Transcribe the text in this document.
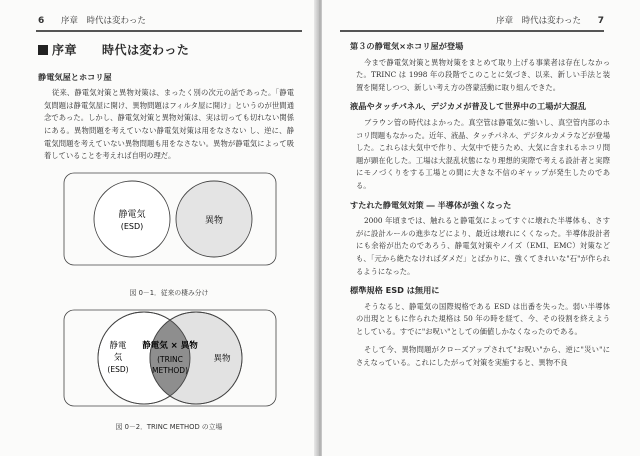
6 序章　時代は変わった
序章　　時代は変わった
静電気屋とホコリ屋

従来、静電気対策と異物対策は、まったく別の次元の話であった。「静電気問題は静電気屋に開け、異物問題はフィルタ屋に開け」というのが世間通念であった。しかし、静電気対策と異物対策は、実は切っても切れない関係にある。異物問題を考えていない静電気対策は用をなさない し、逆に、静電気問題を考えていない異物問題も用をなさない。異物が静電気によって吸着していることを考えれば自明の理だ。

静電気
(ESD)
異物
図 0－1．従来の棲み分け
静電
気
(ESD)
静電気 × 異物
(TRINC
METHOD)
異物
図 0－2．TRINC METHOD の立場
序章　時代は変わった 7
第３の静電気×ホコリ屋が登場

今まで静電気対策と異物対策をまとめて取り上げる事業者は存在しなかった。TRINC は 1998 年の段階でこのことに気づき、以来、新しい手法と装置を開発しつつ、新しい考え方の啓蒙活動に取り組んできた。

液晶やタッチパネル、デジカメが普及して世界中の工場が大混乱

ブラウン管の時代はよかった。真空管は静電気に強いし、真空管内部のホコリ問題もなかった。近年、液晶、タッチパネル、デジタルカメラなどが登場した。これらは大気中で作り、大気中で使うため、大気に含まれるホコリ問題が顕在化した。工場は大混乱状態になり理想的実際で考える設計者と実際にモノづくりをする工場との間に大きな不信のギャップが発生したのである。

すたれた静電気対策 ― 半導体が強くなった

2000 年頃までは、触れると静電気によってすぐに壊れた半導体も、さすがに設計ルールの進歩などにより、最近は壊れにくくなった。半導体設計者にも余裕が出たのであろう、静電気対策やノイズ（EMI、EMC）対策なども、「元から絶たなければダメだ」とばかりに、強くてきれいな"石"が作られるようになった。

標準規格 ESD は無用に

そうなると、静電気の国際規格である ESD は出番を失った。弱い半導体の出現とともに作られた規格は 50 年の時を経て、今、その役割を終えようとしている。すでに"お呪い"としての価値しかなくなったのである。

そして今、異物問題がクローズアップされて"お呪い"から、逆に"災い"にさえなっている。これにしたがって対策を実施すると、異物不良
